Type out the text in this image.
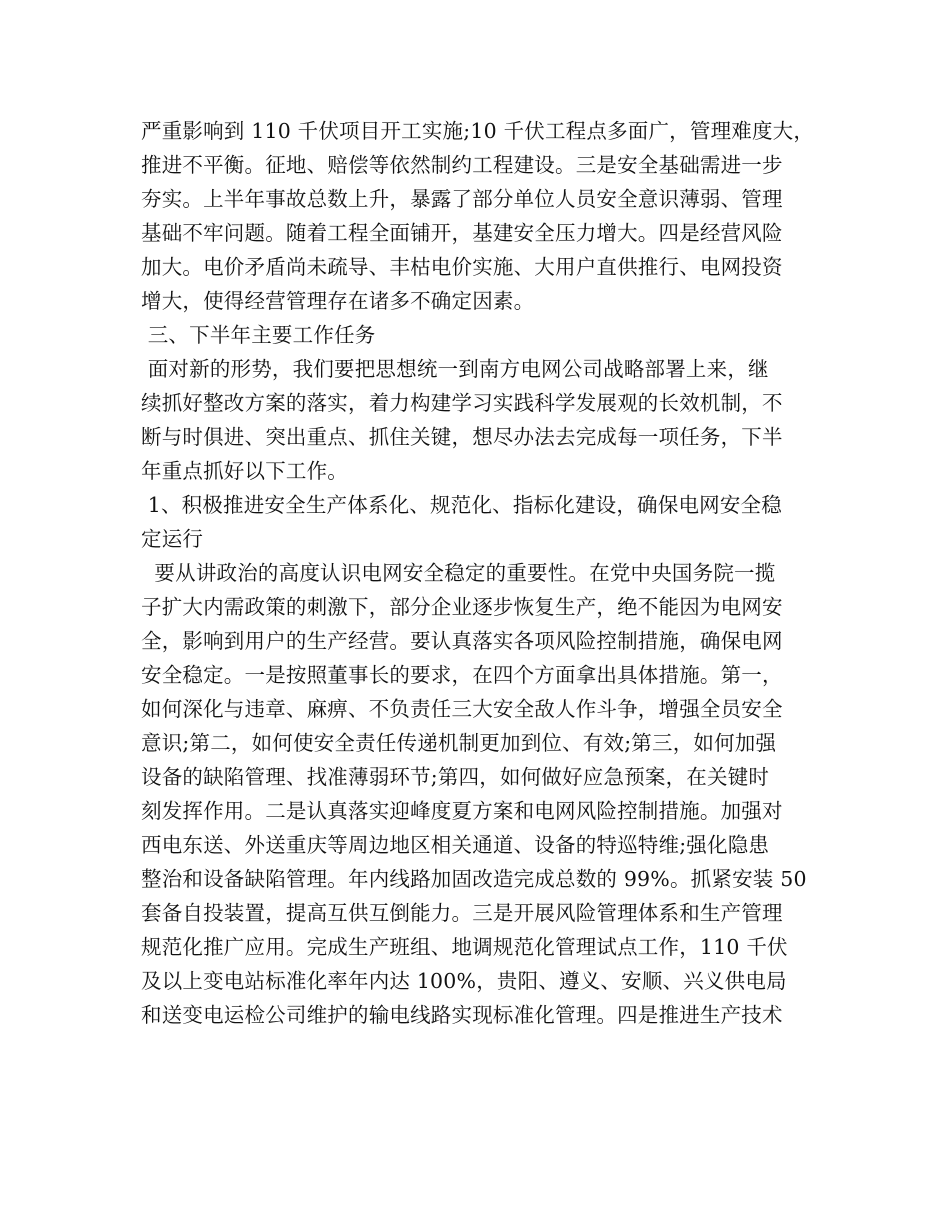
严重影响到 110 千伏项目开工实施;10 千伏工程点多面广，管理难度大，
推进不平衡。征地、赔偿等依然制约工程建设。三是安全基础需进一步
夯实。上半年事故总数上升，暴露了部分单位人员安全意识薄弱、管理
基础不牢问题。随着工程全面铺开，基建安全压力增大。四是经营风险
加大。电价矛盾尚未疏导、丰枯电价实施、大用户直供推行、电网投资
增大，使得经营管理存在诸多不确定因素。
三、下半年主要工作任务
面对新的形势，我们要把思想统一到南方电网公司战略部署上来，继
续抓好整改方案的落实，着力构建学习实践科学发展观的长效机制，不
断与时俱进、突出重点、抓住关键，想尽办法去完成每一项任务，下半
年重点抓好以下工作。
1、积极推进安全生产体系化、规范化、指标化建设，确保电网安全稳
定运行
要从讲政治的高度认识电网安全稳定的重要性。在党中央国务院一揽
子扩大内需政策的刺激下，部分企业逐步恢复生产，绝不能因为电网安
全，影响到用户的生产经营。要认真落实各项风险控制措施，确保电网
安全稳定。一是按照董事长的要求，在四个方面拿出具体措施。第一，
如何深化与违章、麻痹、不负责任三大安全敌人作斗争，增强全员安全
意识;第二，如何使安全责任传递机制更加到位、有效;第三，如何加强
设备的缺陷管理、找准薄弱环节;第四，如何做好应急预案，在关键时
刻发挥作用。二是认真落实迎峰度夏方案和电网风险控制措施。加强对
西电东送、外送重庆等周边地区相关通道、设备的特巡特维;强化隐患
整治和设备缺陷管理。年内线路加固改造完成总数的 99%。抓紧安装 50
套备自投装置，提高互供互倒能力。三是开展风险管理体系和生产管理
规范化推广应用。完成生产班组、地调规范化管理试点工作，110 千伏
及以上变电站标准化率年内达 100%，贵阳、遵义、安顺、兴义供电局
和送变电运检公司维护的输电线路实现标准化管理。四是推进生产技术
